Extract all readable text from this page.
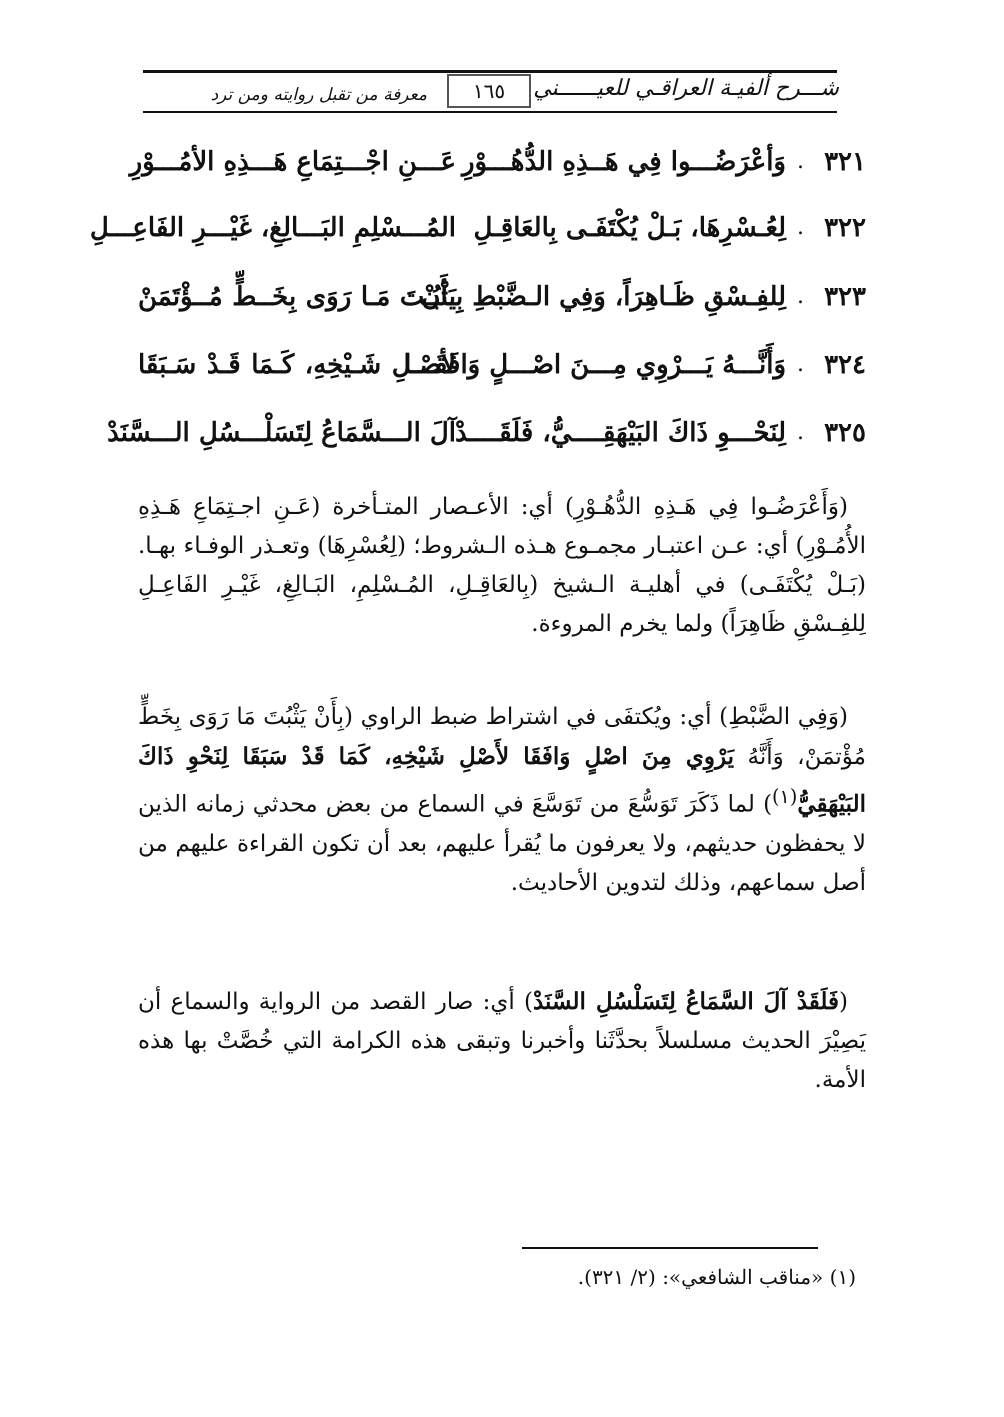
شـــرح ألفيـة العراقـي للعيــــــني
١٦٥
معرفة من تقبل روايته ومن ترد
٣٢١
.
وَأعْرَضُـــوا فِي هَــذِهِ الدُّهُـــوْرِ
عَـــنِ اجْـــتِمَاعِ هَـــذِهِ الأمُـــوْرِ
٣٢٢
.
لِعُـسْرِهَا، بَـلْ يُكْتَفَـى بِالعَاقِـلِ
المُـــسْلِمِ البَـــالِغِ، غَيْـــرِ الفَاعِـــلِ
٣٢٣
.
لِلفِـسْقِ ظَـاهِرَاً، وَفِي الـضَّبْطِ بِـأَنْ
يَثْبُـتَ مَـا رَوَى بِخَــطٍّ مُــؤْتَمَنْ
٣٢٤
.
وَأَنَّـــهُ يَـــرْوِي مِـــنَ اصْـــلٍ وَافَقَـــا
لأصْـلِ شَـيْخِهِ، كَـمَا قَـدْ سَـبَقَا
٣٢٥
.
لِنَحْـــوِ ذَاكَ البَيْهَقِــــيُّ، فَلَقَــــدْ
آلَ الـــسَّمَاعُ لِتَسَلْـــسُلِ الـــسَّنَدْ
(وَأَعْرَضُـوا فِي هَـذِهِ الدُّهُـوْرِ) أي: الأعـصار المتـأخرة (عَـنِ اجـتِمَاعِ هَـذِهِ الأُمُـوْرِ) أي: عـن اعتبـار مجمـوع هـذه الـشروط؛ (لِعُسْرِهَا) وتعـذر الوفـاء بهـا. (بَـلْ يُكْتَفَـى) في أهليـة الـشيخ (بِالعَاقِـلِ، المُـسْلِمِ، البَـالِغِ، غَيْـرِ الفَاعِـلِ لِلفِـسْقِ ظَاهِرَاً) ولما يخرم المروءة.
(وَفِي الضَّبْطِ) أي: ويُكتفَى في اشتراط ضبط الراوي (بِأَنْ يَثْبُتَ مَا رَوَى بِخَطٍّ مُؤْتمَنْ، وَأَنَّهُ يَرْوِي مِنَ اصْلٍ وَافَقَا لأَصْلِ شَيْخِهِ، كَمَا قَدْ سَبَقَا لِنَحْوِ ذَاكَ البَيْهَقِيُّ$^{(١)}$) لما ذَكَرَ تَوَسُّعَ من تَوَسَّعَ في السماع من بعض محدثي زمانه الذين لا يحفظون حديثهم، ولا يعرفون ما يُقرأ عليهم، بعد أن تكون القراءة عليهم من أصل سماعهم، وذلك لتدوين الأحاديث.
(فَلَقَدْ آلَ السَّمَاعُ لِتَسَلْسُلِ السَّنَدْ) أي: صار القصد من الرواية والسماع أن يَصِيْرَ الحديث مسلسلاً بحدَّثَنا وأخبرنا وتبقى هذه الكرامة التي خُصَّتْ بها هذه الأمة.
(١) «مناقب الشافعي»: (٢/ ٣٢١).
